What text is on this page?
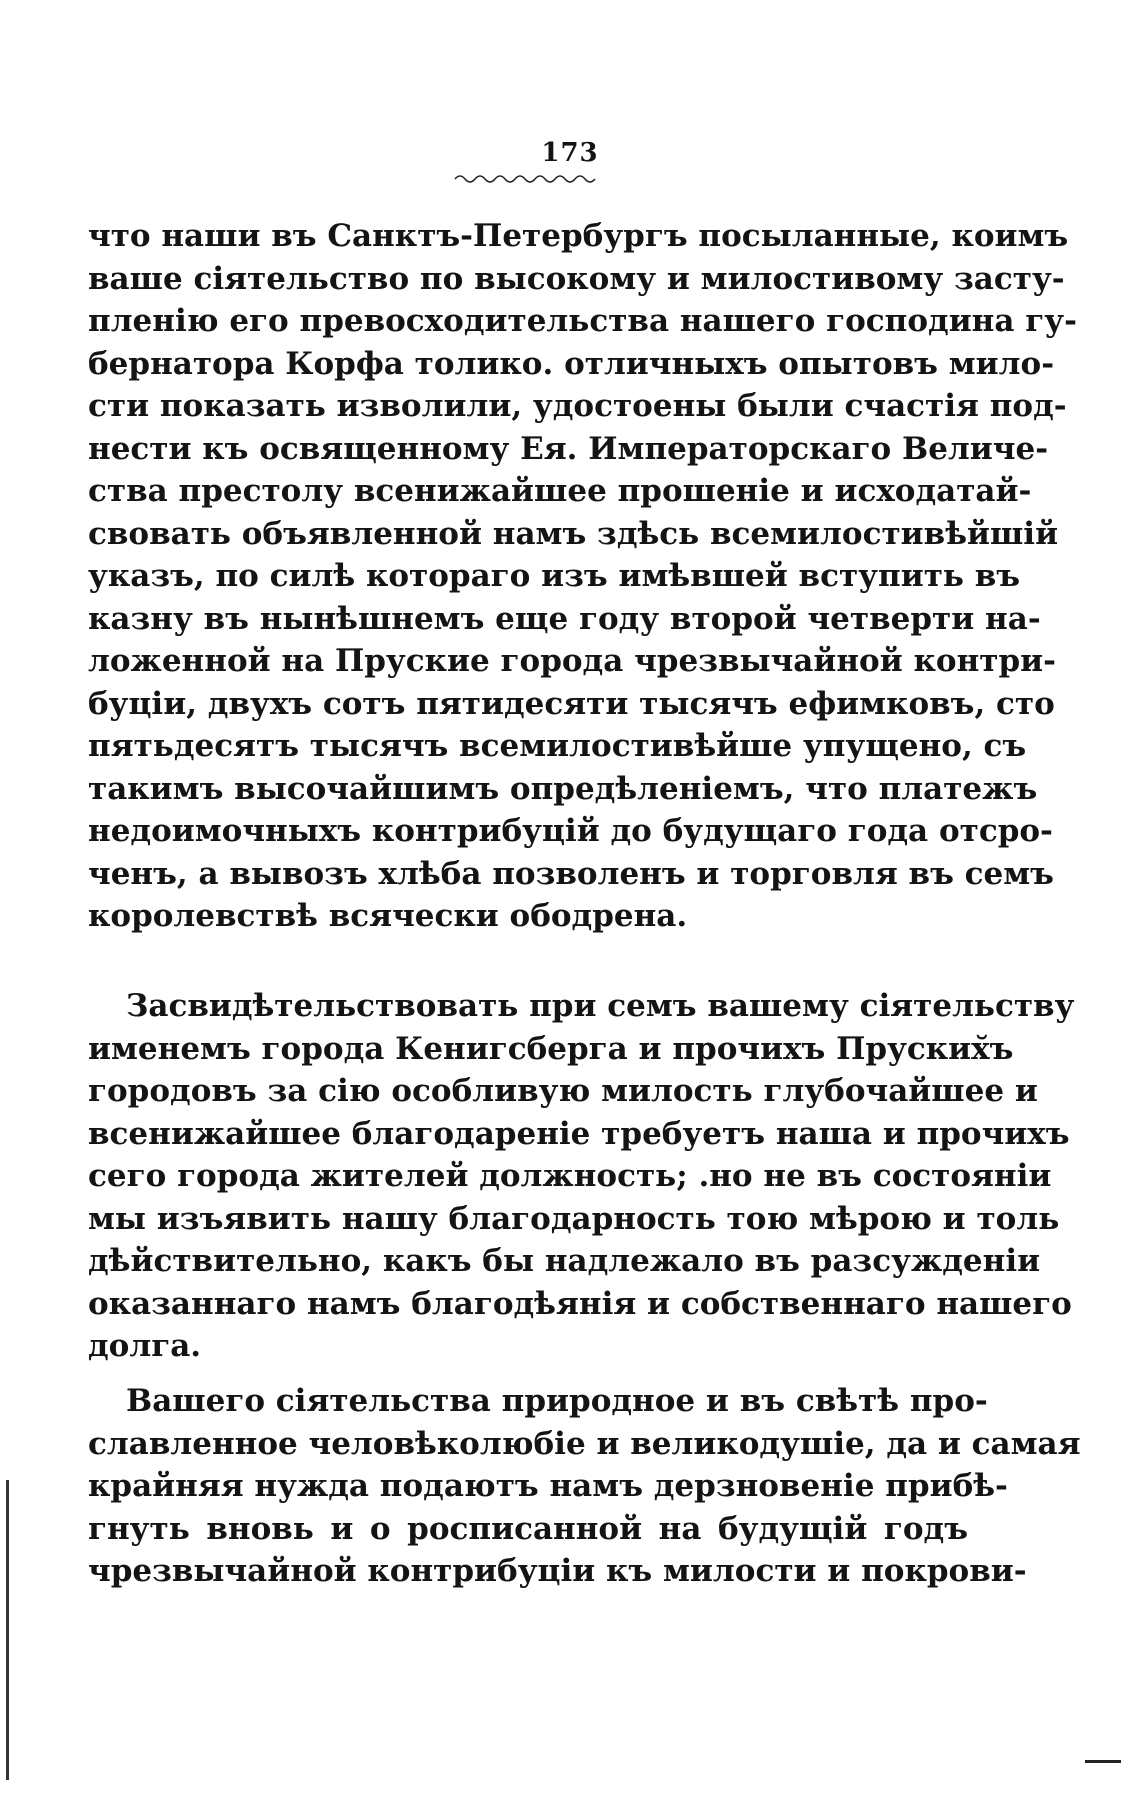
173
что наши въ Санктъ-Петербургъ посыланные, коимъ
ваше сіятельство по высокому и милостивому засту-
пленію его превосходительства нашего господина гу-
бернатора Корфа толико. отличныхъ опытовъ мило-
сти показать изволили, удостоены были счастія под-
нести къ освященному Ея. Императорскаго Величе-
ства престолу всенижайшее прошеніе и исходатай-
свовать объявленной намъ здѣсь всемилостивѣйшій
указъ, по силѣ котораго изъ имѣвшей вступить въ
казну въ нынѣшнемъ еще году второй четверти на-
ложенной на Пруские города чрезвычайной контри-
буціи, двухъ сотъ пятидесяти тысячъ ефимковъ, сто
пятьдесятъ тысячъ всемилостивѣйше упущено, съ
такимъ высочайшимъ опредѣленіемъ, что платежъ
недоимочныхъ контрибуцій до будущаго года отсро-
ченъ, а вывозъ хлѣба позволенъ и торговля въ семъ
королевствѣ всячески ободрена.
Засвидѣтельствовать при семъ вашему сіятельству
именемъ города Кенигсберга и прочихъ Пруских̆ъ
городовъ за сію особливую милость глубочайшее и
всенижайшее благодареніе требуетъ наша и прочихъ
сего города жителей должность; .но не въ состояніи
мы изъявить нашу благодарность тою мѣрою и толь
дѣйствительно, какъ бы надлежало въ разсужденіи
оказаннаго намъ благодѣянія и собственнаго нашего
долга.
Вашего сіятельства природное и въ свѣтѣ про-
славленное человѣколюбіе и великодушіе, да и самая
крайняя нужда подаютъ намъ дерзновеніе прибѣ-
гнуть вновь и о росписанной на будущій годъ
чрезвычайной контрибуціи къ милости и покрови-
